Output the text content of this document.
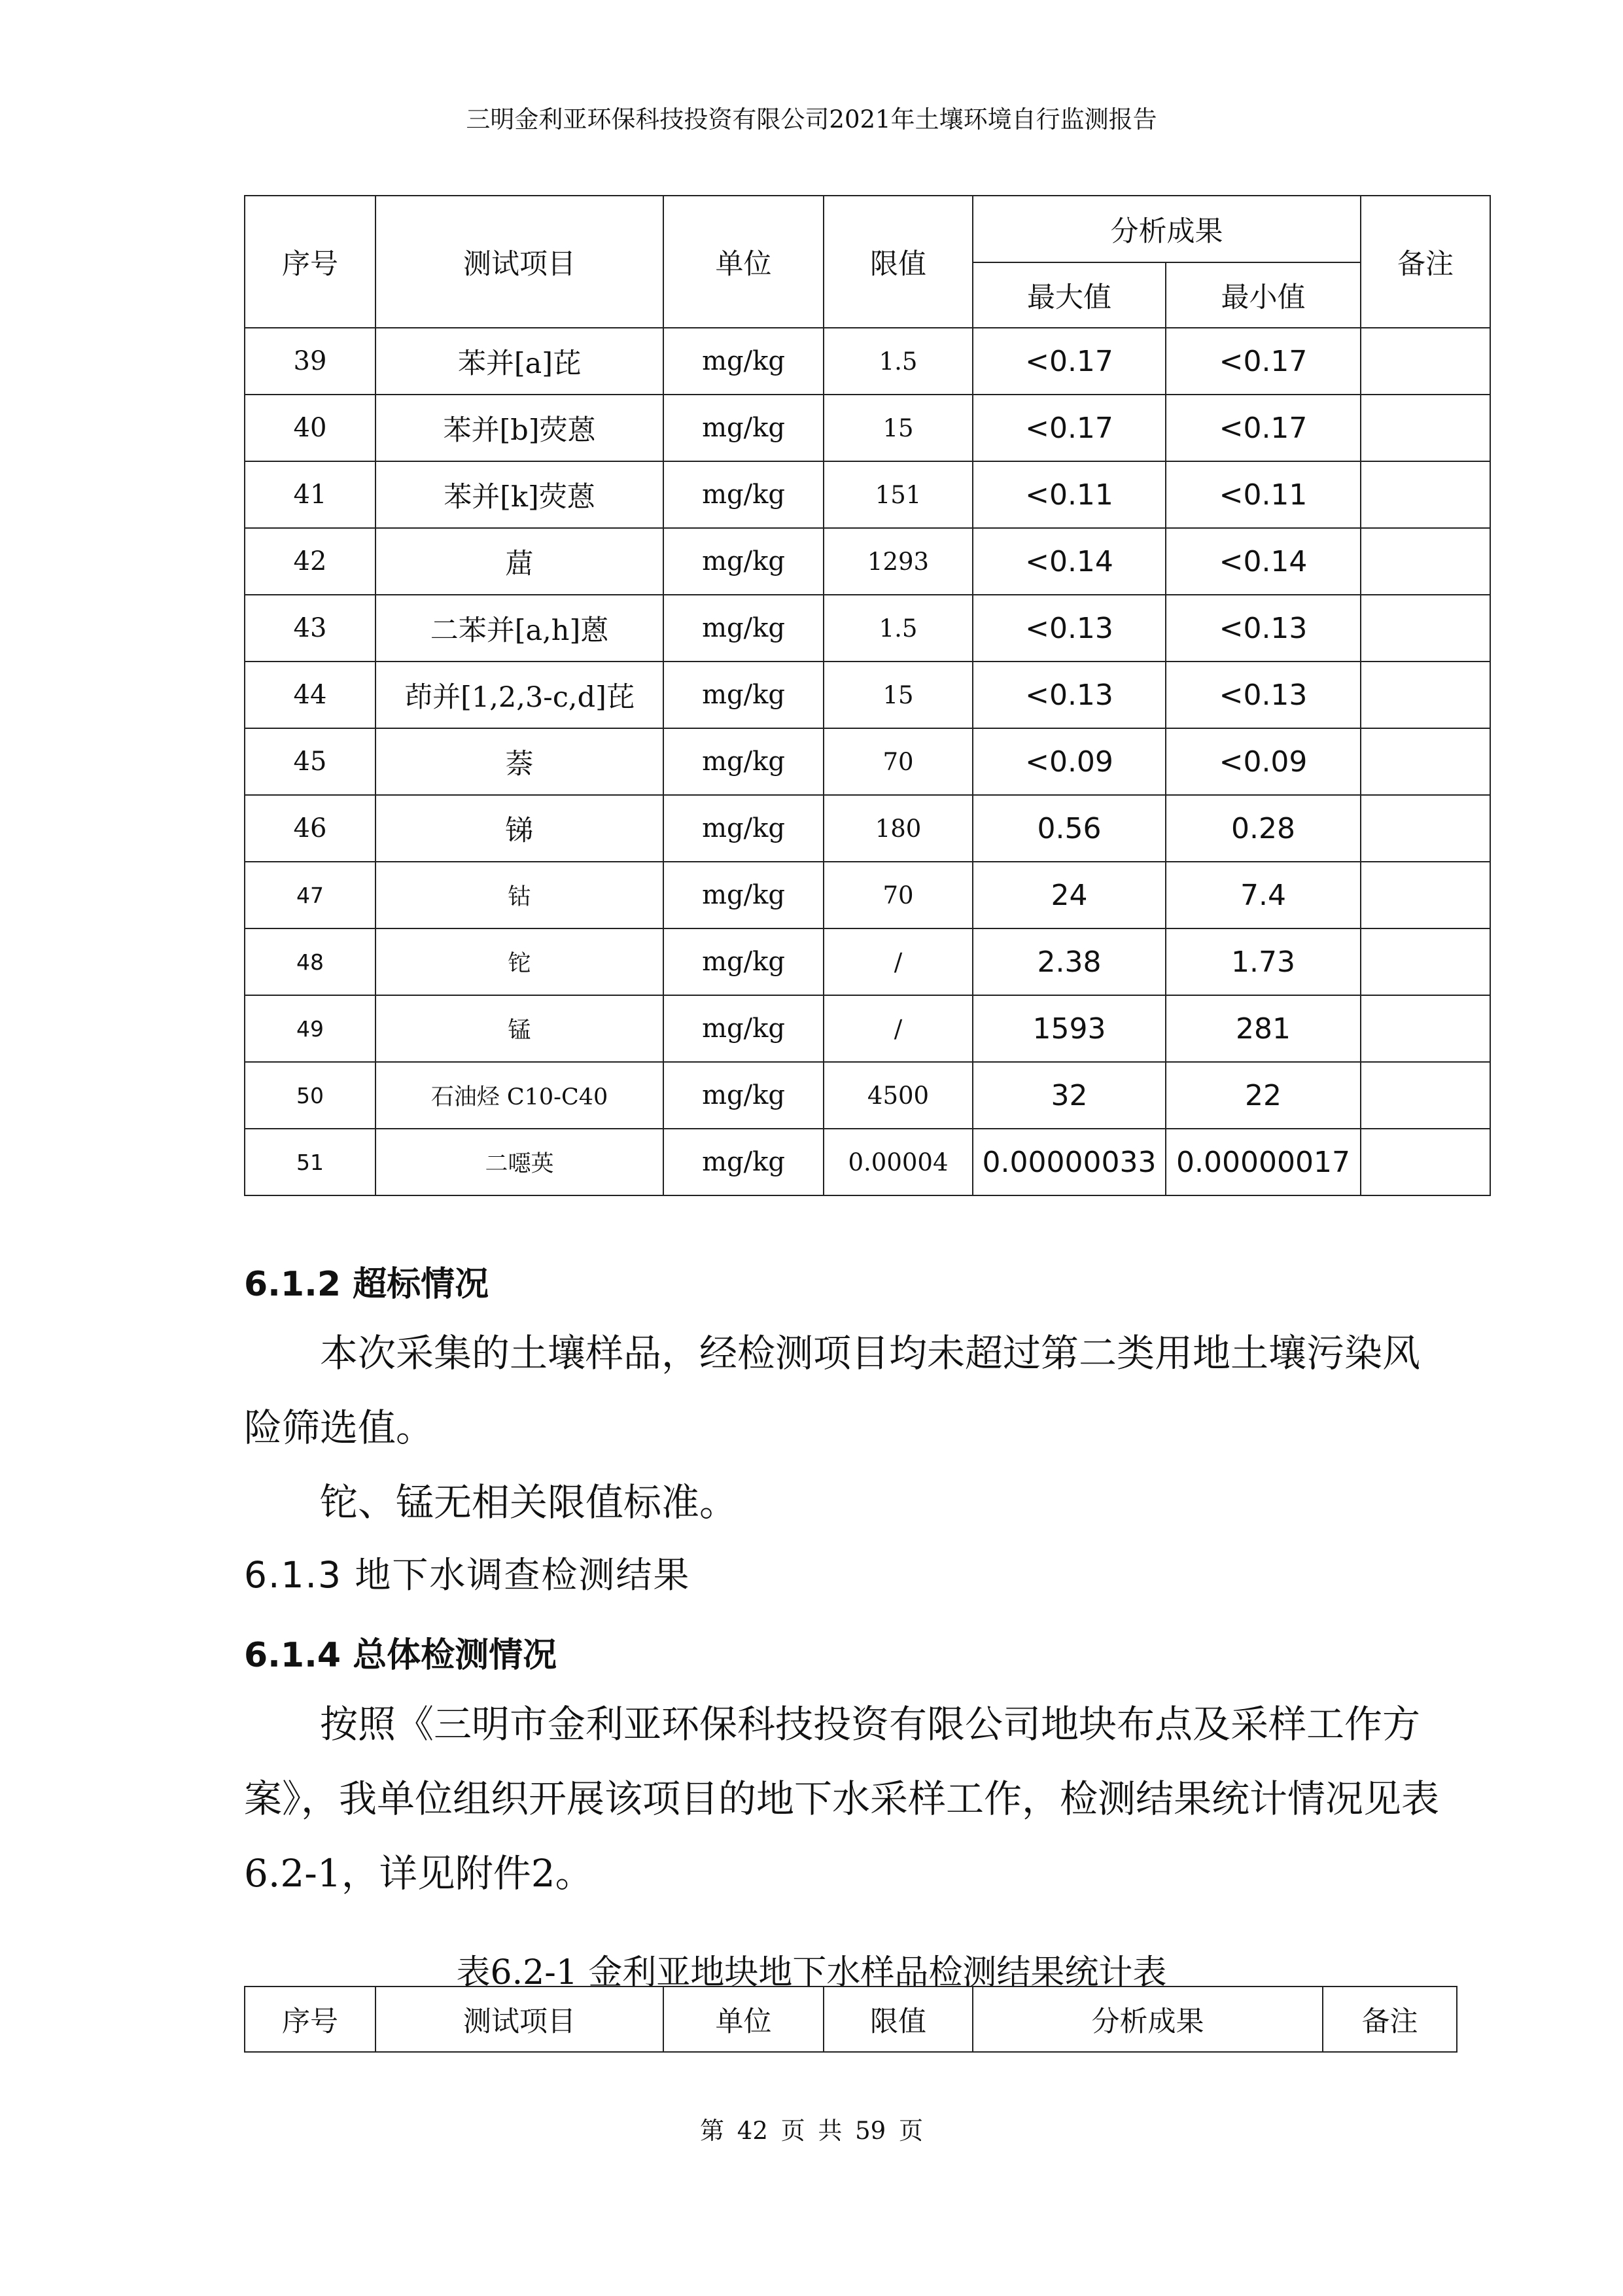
三明金利亚环保科技投资有限公司2021年土壤环境自行监测报告
序号	测试项目	单位	限值	分析成果		备注
				最大值	最小值	
39	苯并[a]芘	mg/kg	1.5	<0.17	<0.17	
40	苯并[b]荧蒽	mg/kg	15	<0.17	<0.17	
41	苯并[k]荧蒽	mg/kg	151	<0.11	<0.11	
42	䓛	mg/kg	1293	<0.14	<0.14	
43	二苯并[a,h]蒽	mg/kg	1.5	<0.13	<0.13	
44	茚并[1,2,3-c,d]芘	mg/kg	15	<0.13	<0.13	
45	萘	mg/kg	70	<0.09	<0.09	
46	锑	mg/kg	180	0.56	0.28	
47	钴	mg/kg	70	24	7.4	
48	铊	mg/kg	/	2.38	1.73	
49	锰	mg/kg	/	1593	281	
50	石油烃 C10-C40	mg/kg	4500	32	22	
51	二噁英	mg/kg	0.00004	0.00000033	0.00000017	
6.1.2 超标情况
本次采集的土壤样品，经检测项目均未超过第二类用地土壤污染风险筛选值。
铊、锰无相关限值标准。
6.1.3 地下水调查检测结果
6.1.4 总体检测情况
按照《三明市金利亚环保科技投资有限公司地块布点及采样工作方案》，我单位组织开展该项目的地下水采样工作，检测结果统计情况见表6.2-1，详见附件2。
表6.2-1 金利亚地块地下水样品检测结果统计表
序号	测试项目	单位	限值	分析成果	备注
第 42 页 共 59 页
